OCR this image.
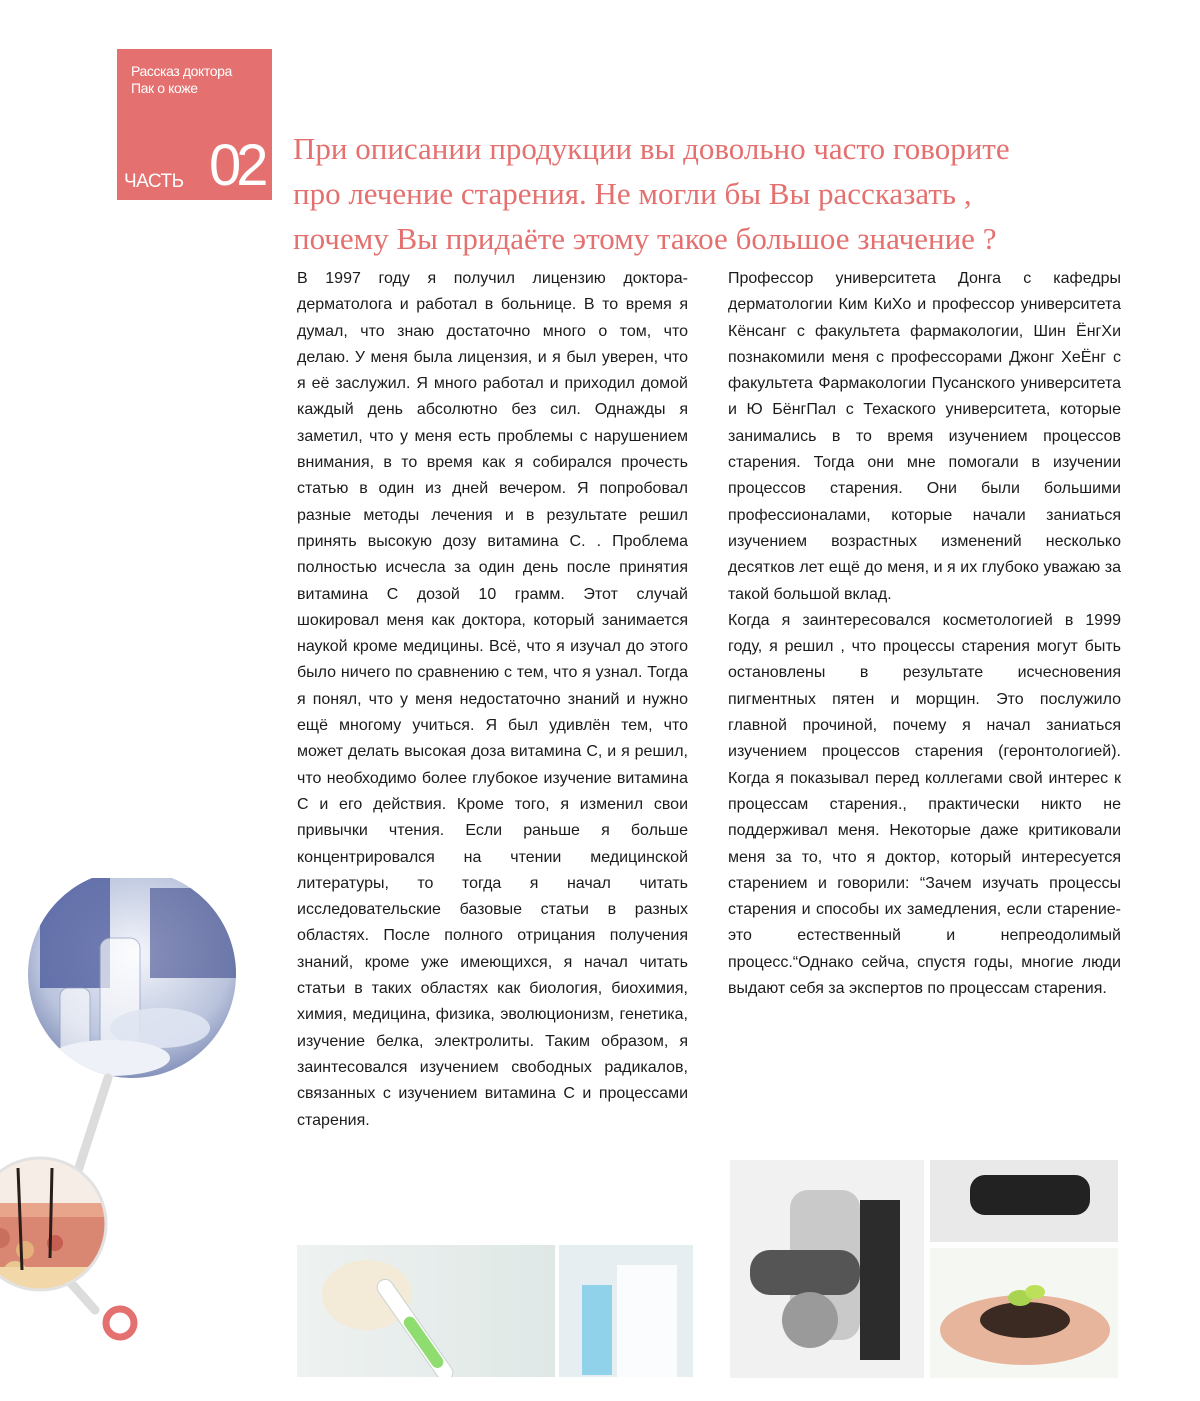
Рассказ доктора
Пак о коже
ЧАСТЬ 02 При описании продукции вы довольно часто говорите
про лечение старения. Не могли бы Вы рассказать ,
почему Вы придаёте этому такое большое значение ?

В 1997 году я получил лицензию доктора-дерматолога и работал в больнице. В то время я думал, что знаю достаточно много о том, что делаю. У меня была лицензия, и я был уверен, что я её заслужил. Я много работал и приходил домой каждый день абсолютно без сил. Однажды я заметил, что у меня есть проблемы с нарушением внимания, в то время как я собирался прочесть статью в один из дней вечером. Я попробовал разные методы лечения и в результате решил принять высокую дозу витамина С. . Проблема полностью исчесла за один день после принятия витамина С дозой 10 грамм. Этот случай шокировал меня как доктора, который занимается наукой кроме медицины. Всё, что я изучал до этого было ничего по сравнению с тем, что я узнал. Тогда я понял, что у меня недостаточно знаний и нужно ещё многому учиться. Я был удивлён тем, что может делать высокая доза витамина С, и я решил, что необходимо более глубокое изучение витамина С и его действия. Кроме того, я изменил свои привычки чтения. Если раньше я больше концентрировался на чтении медицинской литературы, то тогда я начал читать исследовательские базовые статьи в разных областях. После полного отрицания получения знаний, кроме уже имеющихся, я начал читать статьи в таких областях как биология, биохимия, химия, медицина, физика, эволюционизм, генетика, изучение белка, электролиты. Таким образом, я заинтесовался изучением свободных радикалов, связанных с изучением витамина С и процессами старения.

Профессор университета Донга с кафедры дерматологии Ким КиХо и профессор университета Кёнсанг с факультета фармакологии, Шин ЁнгХи познакомили меня с профессорами Джонг ХеЁнг с факультета Фармакологии Пусанского университета и Ю БёнгПал с Техаского университета, которые занимались в то время изучением процессов старения. Тогда они мне помогали в изучении процессов старения. Они были большими профессионалами, которые начали заниаться изучением возрастных изменений несколько десятков лет ещё до меня, и я их глубоко уважаю за такой большой вклад.

Когда я заинтересовался косметологией в 1999 году, я решил , что процессы старения могут быть остановлены в результате исчесновения пигментных пятен и морщин. Это послужило главной прочиной, почему я начал заниаться изучением процессов старения (геронтологией). Когда я показывал перед коллегами свой интерес к процессам старения., практически никто не поддерживал меня. Некоторые даже критиковали меня за то, что я доктор, который интересуется старением и говорили: “Зачем изучать процессы старения и способы их замедления, если старение- это естественный и непреодолимый процесс.“Однако сейча, спустя годы, многие люди выдают себя за экспертов по процессам старения.
